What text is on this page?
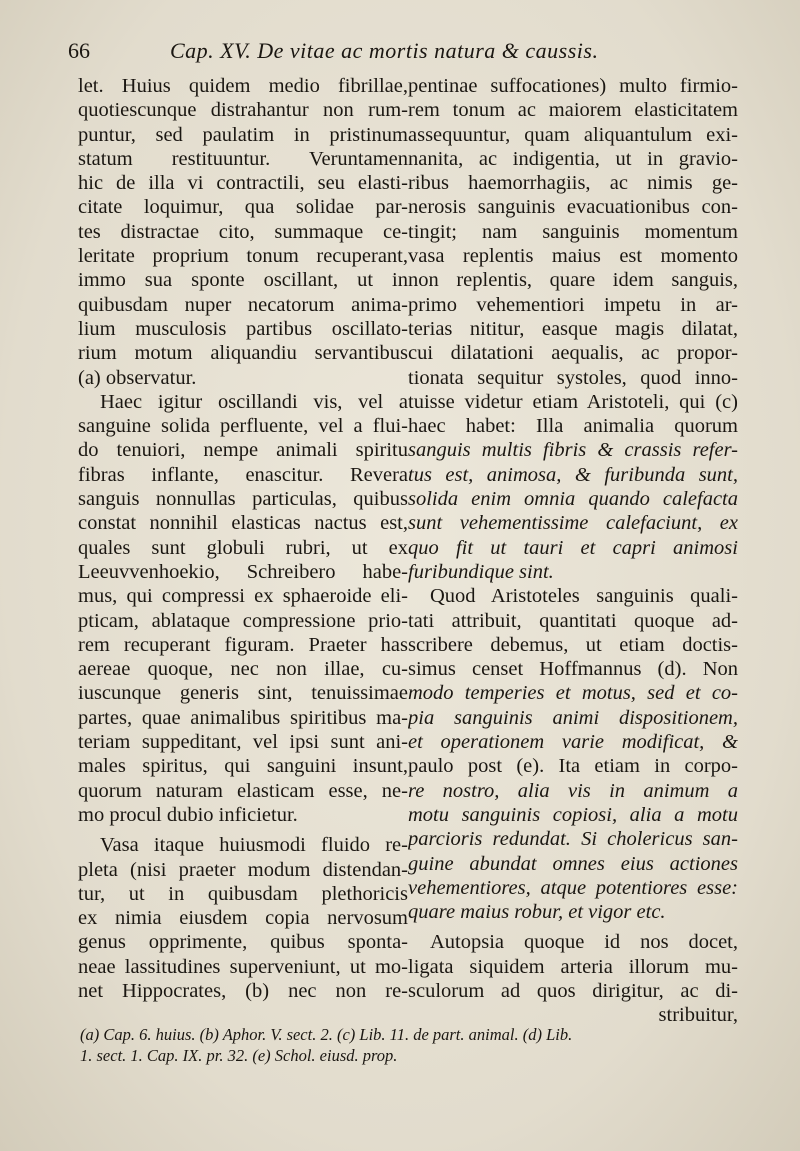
66	Cap. XV. De vitae ac mortis natura & caussis.
let. Huius quidem medio fibrillae,
quotiescunque distrahantur non rum-
puntur, sed paulatim in pristinum
statum restituuntur. Veruntamen
hic de illa vi contractili, seu elasti-
citate loquimur, qua solidae par-
tes distractae cito, summaque ce-
leritate proprium tonum recuperant,
immo sua sponte oscillant, ut in
quibusdam nuper necatorum anima-
lium musculosis partibus oscillato-
rium motum aliquandiu servantibus
(a) observatur.
Haec igitur oscillandi vis, vel a
sanguine solida perfluente, vel a flui-
do tenuiori, nempe animali spiritu
fibras inflante, enascitur. Revera
sanguis nonnullas particulas, quibus
constat nonnihil elasticas nactus est,
quales sunt globuli rubri, ut ex
Leeuvvenhoekio, Schreibero habe-
mus, qui compressi ex sphaeroide eli-
pticam, ablataque compressione prio-
rem recuperant figuram. Praeter has
aereae quoque, nec non illae, cu-
iuscunque generis sint, tenuissimae
partes, quae animalibus spiritibus ma-
teriam suppeditant, vel ipsi sunt ani-
males spiritus, qui sanguini insunt,
quorum naturam elasticam esse, ne-
mo procul dubio inficietur.
Vasa itaque huiusmodi fluido re-
pleta (nisi praeter modum distendan-
tur, ut in quibusdam plethoricis
ex nimia eiusdem copia nervosum
genus opprimente, quibus sponta-
neae lassitudines superveniunt, ut mo-
net Hippocrates, (b) nec non re-
pentinae suffocationes) multo firmio-
rem tonum ac maiorem elasticitatem
assequuntur, quam aliquantulum exi-
nanita, ac indigentia, ut in gravio-
ribus haemorrhagiis, ac nimis ge-
nerosis sanguinis evacuationibus con-
tingit; nam sanguinis momentum
vasa replentis maius est momento
non replentis, quare idem sanguis,
primo vehementiori impetu in ar-
terias nititur, easque magis dilatat,
cui dilatationi aequalis, ac propor-
tionata sequitur systoles, quod inno-
tuisse videtur etiam Aristoteli, qui (c)
haec habet: Illa animalia quorum
sanguis multis fibris & crassis refer-
tus est, animosa, & furibunda sunt,
solida enim omnia quando calefacta
sunt vehementissime calefaciunt, ex
quo fit ut tauri et capri animosi
furibundique sint.
Quod Aristoteles sanguinis quali-
tati attribuit, quantitati quoque ad-
scribere debemus, ut etiam doctis-
simus censet Hoffmannus (d). Non
modo temperies et motus, sed et co-
pia sanguinis animi dispositionem,
et operationem varie modificat, &
paulo post (e). Ita etiam in corpo-
re nostro, alia vis in animum a
motu sanguinis copiosi, alia a motu
parcioris redundat. Si cholericus san-
guine abundat omnes eius actiones
vehementiores, atque potentiores esse:
quare maius robur, et vigor etc.
Autopsia quoque id nos docet,
ligata siquidem arteria illorum mu-
sculorum ad quos dirigitur, ac di-
stribuitur,
(a) Cap. 6. huius. (b) Aphor. V. sect. 2. (c) Lib. 11. de part. animal. (d) Lib.
1. sect. 1. Cap. IX. pr. 32. (e) Schol. eiusd. prop.
